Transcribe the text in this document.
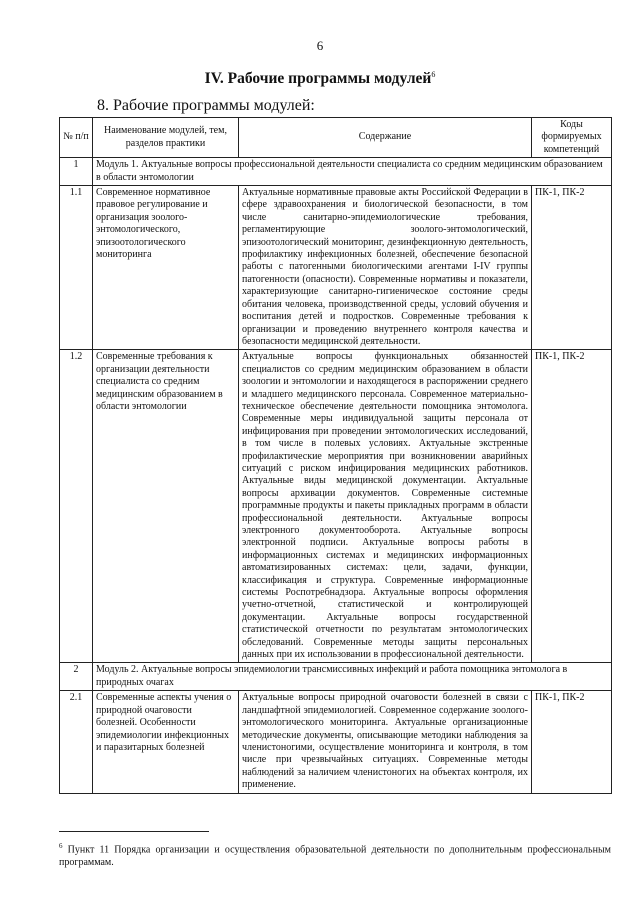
6
IV. Рабочие программы модулей$^6$
8. Рабочие программы модулей:
№ п/п	Наименование модулей, тем, разделов практики	Содержание	Коды формируемых компетенций
1	Модуль 1. Актуальные вопросы профессиональной деятельности специалиста со средним медицинским образованием в области энтомологии		
1.1	Современное нормативное правовое регулирование и организация зоолого-энтомологического, эпизоотологического мониторинга	Актуальные нормативные правовые акты Российской Федерации в сфере здравоохранения и биологической безопасности, в том числе санитарно-эпидемиологические требования, регламентирующие зоолого-энтомологический, эпизоотологический мониторинг, дезинфекционную деятельность, профилактику инфекционных болезней, обеспечение безопасной работы с патогенными биологическими агентами I-IV группы патогенности (опасности). Современные нормативы и показатели, характеризующие санитарно-гигиеническое состояние среды обитания человека, производственной среды, условий обучения и воспитания детей и подростков. Современные требования к организации и проведению внутреннего контроля качества и безопасности медицинской деятельности.	ПК-1, ПК-2
1.2	Современные требования к организации деятельности специалиста со средним медицинским образованием в области энтомологии	Актуальные вопросы функциональных обязанностей специалистов со средним медицинским образованием в области зоологии и энтомологии и находящегося в распоряжении среднего и младшего медицинского персонала. Современное материально-техническое обеспечение деятельности помощника энтомолога. Современные меры индивидуальной защиты персонала от инфицирования при проведении энтомологических исследований, в том числе в полевых условиях. Актуальные экстренные профилактические мероприятия при возникновении аварийных ситуаций с риском инфицирования медицинских работников. Актуальные виды медицинской документации. Актуальные вопросы архивации документов. Современные системные программные продукты и пакеты прикладных программ в области профессиональной деятельности. Актуальные вопросы электронного документооборота. Актуальные вопросы электронной подписи. Актуальные вопросы работы в информационных системах и медицинских информационных автоматизированных системах: цели, задачи, функции, классификация и структура. Современные информационные системы Роспотребнадзора. Актуальные вопросы оформления учетно-отчетной, статистической и контролирующей документации. Актуальные вопросы государственной статистической отчетности по результатам энтомологических обследований. Современные методы защиты персональных данных при их использовании в профессиональной деятельности.	ПК-1, ПК-2
2	Модуль 2. Актуальные вопросы эпидемиологии трансмиссивных инфекций и работа помощника энтомолога в природных очагах		
2.1	Современные аспекты учения о природной очаговости болезней. Особенности эпидемиологии инфекционных и паразитарных болезней	Актуальные вопросы природной очаговости болезней в связи с ландшафтной эпидемиологией. Современное содержание зоолого-энтомологического мониторинга. Актуальные организационные методические документы, описывающие методики наблюдения за членистоногими, осуществление мониторинга и контроля, в том числе при чрезвычайных ситуациях. Современные методы наблюдений за наличием членистоногих на объектах контроля, их применение.	ПК-1, ПК-2
$^6$ Пункт 11 Порядка организации и осуществления образовательной деятельности по дополнительным профессиональным программам.
